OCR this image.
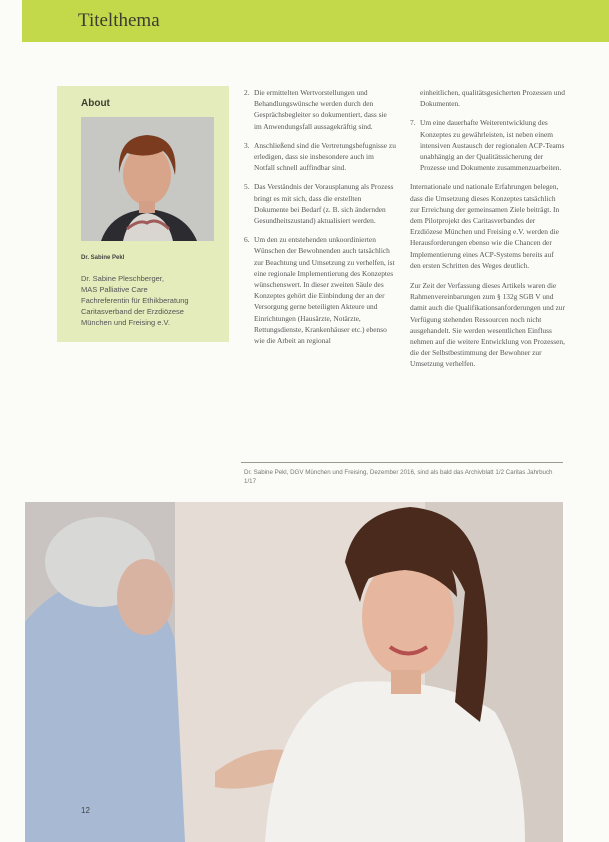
Titelthema
About
Dr. Sabine Pekl
Dr. Sabine Pleschberger,
MAS Palliative Care
Fachreferentin für Ethikberatung
Caritasverband der Erzdiözese
München und Freising e.V.
2. Die ermittelten Wertvorstellungen und Behandlungswünsche werden durch den Gesprächsbegleiter so dokumentiert, dass sie im Anwendungsfall aussagekräftig sind.
3. Anschließend sind die Vertretungsbefugnisse zu erledigen, dass sie insbesondere auch im Notfall schnell auffindbar sind.
5. Das Verständnis der Vorausplanung als Prozess bringt es mit sich, dass die erstellten Dokumente bei Bedarf (z. B. sich ändernden Gesundheitszustand) aktualisiert werden.
6. Um den zu entstehenden unkoordinierten Wünschen der Bewohnenden auch tatsächlich zur Beachtung und Umsetzung zu verhelfen, ist eine regionale Implementierung des Konzeptes wünschenswert. In dieser zweiten Säule des Konzeptes gehört die Einbindung der an der Versorgung gerne beteiligten Akteure und Einrichtungen (Hausärzte, Notärzte, Rettungsdienste, Krankenhäuser etc.) ebenso wie die Arbeit an regional
einheitlichen, qualitätsgesicherten Prozessen und Dokumenten.
7. Um eine dauerhafte Weiterentwicklung des Konzeptes zu gewährleisten, ist neben einem intensiven Austausch der regionalen ACP-Teams unabhängig an der Qualitätssicherung der Prozesse und Dokumente zusammenzuarbeiten.

Internationale und nationale Erfahrungen belegen, dass die Umsetzung dieses Konzeptes tatsächlich zur Erreichung der gemeinsamen Ziele beiträgt. In dem Pilotprojekt des Caritasverbandes der Erzdiözese München und Freising e.V. werden die Herausforderungen ebenso wie die Chancen der Implementierung eines ACP-Systems bereits auf den ersten Schritten des Weges deutlich.

Zur Zeit der Verfassung dieses Artikels waren die Rahmenvereinbarungen zum § 132g SGB V und damit auch die Qualifikationsanforderungen und zur Verfügung stehenden Ressourcen noch nicht ausgehandelt. Sie werden wesentlichen Einfluss nehmen auf die weitere Entwicklung von Prozessen, die der Selbstbestimmung der Bewohner zur Umsetzung verhelfen.

Dr. Sabine Pekl, DGV München und Freising, Dezember 2016, sind als bald das Archivblatt 1/2 Caritas Jahrbuch 1/17
12
